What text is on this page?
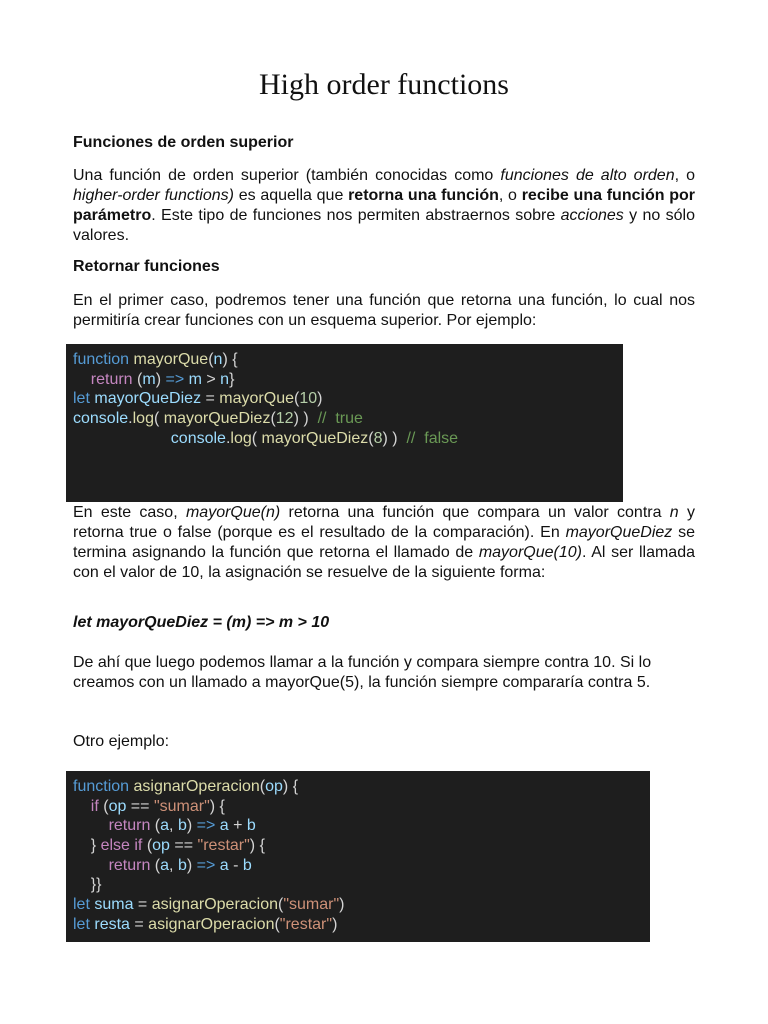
High order functions
Funciones de orden superior

Una función de orden superior (también conocidas como funciones de alto orden, o higher-order functions) es aquella que retorna una función, o recibe una función por parámetro. Este tipo de funciones nos permiten abstraernos sobre acciones y no sólo valores.

Retornar funciones

En el primer caso, podremos tener una función que retorna una función, lo cual nos permitiría crear funciones con un esquema superior. Por ejemplo:

function mayorQue(n) {
return (m) => m > n}
let mayorQueDiez = mayorQue(10)
console.log( mayorQueDiez(12) )  //  true
console.log( mayorQueDiez(8) )  //  false

En este caso, mayorQue(n) retorna una función que compara un valor contra n y retorna true o false (porque es el resultado de la comparación). En mayorQueDiez se termina asignando la función que retorna el llamado de mayorQue(10). Al ser llamada con el valor de 10, la asignación se resuelve de la siguiente forma:

let mayorQueDiez = (m) => m > 10

De ahí que luego podemos llamar a la función y compara siempre contra 10. Si lo creamos con un llamado a mayorQue(5), la función siempre compararía contra 5.

Otro ejemplo:

function asignarOperacion(op) {
if (op == "sumar") {
return (a, b) => a + b
} else if (op == "restar") {
return (a, b) => a - b
}}
let suma = asignarOperacion("sumar")
let resta = asignarOperacion("restar")
